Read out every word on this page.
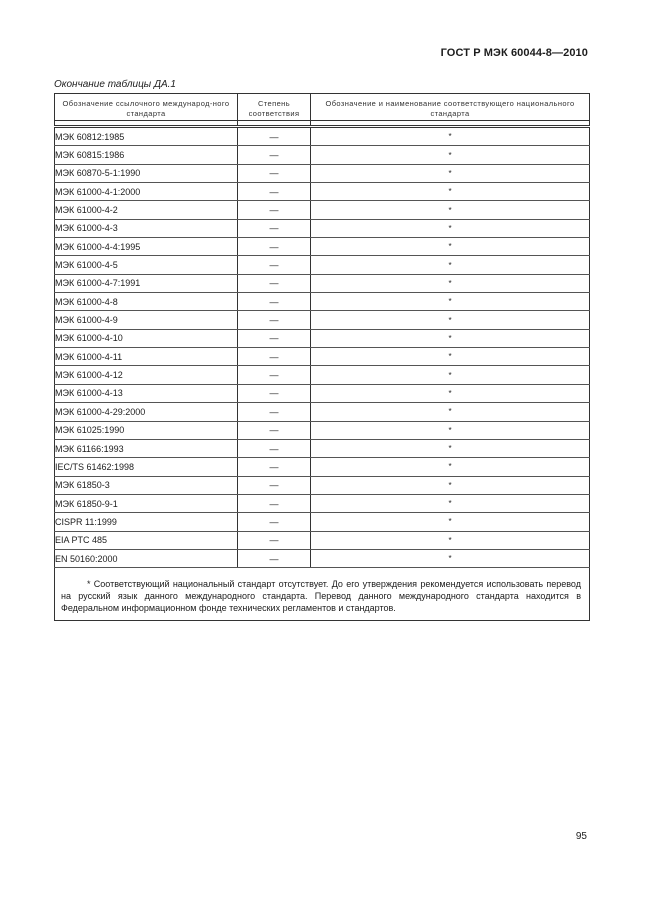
ГОСТ Р МЭК 60044-8—2010
Окончание таблицы ДА.1
Обозначение ссылочного международ-ного стандарта	Степень соответствия	Обозначение и наименование соответствующего национального стандарта
МЭК 60812:1985	—	*
МЭК 60815:1986	—	*
МЭК 60870-5-1:1990	—	*
МЭК 61000-4-1:2000	—	*
МЭК 61000-4-2	—	*
МЭК 61000-4-3	—	*
МЭК 61000-4-4:1995	—	*
МЭК 61000-4-5	—	*
МЭК 61000-4-7:1991	—	*
МЭК 61000-4-8	—	*
МЭК 61000-4-9	—	*
МЭК 61000-4-10	—	*
МЭК 61000-4-11	—	*
МЭК 61000-4-12	—	*
МЭК 61000-4-13	—	*
МЭК 61000-4-29:2000	—	*
МЭК 61025:1990	—	*
МЭК 61166:1993	—	*
IEC/TS 61462:1998	—	*
МЭК 61850-3	—	*
МЭК 61850-9-1	—	*
CISPR 11:1999	—	*
EIA PTC 485	—	*
EN 50160:2000	—	*
* Соответствующий национальный стандарт отсутствует. До его утверждения рекомендуется использовать перевод на русский язык данного международного стандарта. Перевод данного международного стандарта находится в Федеральном информационном фонде технических регламентов и стандартов.		
95
